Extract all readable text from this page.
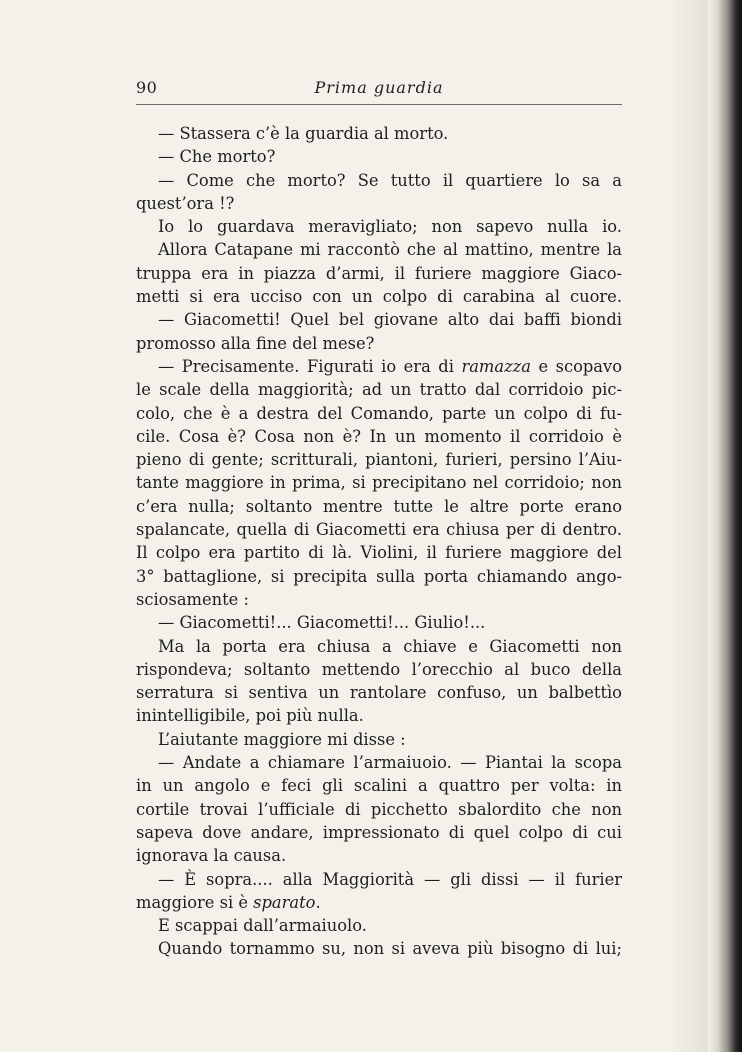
90	Prima guardia
— Stassera c’è la guardia al morto.
— Che morto?
— Come che morto? Se tutto il quartiere lo sa a
quest’ora !?
Io lo guardava meravigliato; non sapevo nulla io.
Allora Catapane mi raccontò che al mattino, mentre la
truppa era in piazza d’armi, il furiere maggiore Giaco-
metti si era ucciso con un colpo di carabina al cuore.
— Giacometti! Quel bel giovane alto dai baffi biondi
promosso alla fine del mese?
— Precisamente. Figurati io era di ramazza e scopavo
le scale della maggiorità; ad un tratto dal corridoio pic-
colo, che è a destra del Comando, parte un colpo di fu-
cile. Cosa è? Cosa non è? In un momento il corridoio è
pieno di gente; scritturali, piantoni, furieri, persino l’Aiu-
tante maggiore in prima, si precipitano nel corridoio; non
c’era nulla; soltanto mentre tutte le altre porte erano
spalancate, quella di Giacometti era chiusa per di dentro.
Il colpo era partito di là. Violini, il furiere maggiore del
3° battaglione, si precipita sulla porta chiamando ango-
sciosamente :
— Giacometti!... Giacometti!... Giulio!...
Ma la porta era chiusa a chiave e Giacometti non
rispondeva; soltanto mettendo l’orecchio al buco della
serratura si sentiva un rantolare confuso, un balbettìo
inintelligibile, poi più nulla.
L’aiutante maggiore mi disse :
— Andate a chiamare l’armaiuoio. — Piantai la scopa
in un angolo e feci gli scalini a quattro per volta: in
cortile trovai l’ufficiale di picchetto sbalordito che non
sapeva dove andare, impressionato di quel colpo di cui
ignorava la causa.
— È sopra.... alla Maggiorità — gli dissi — il furier
maggiore si è sparato.
E scappai dall’armaiuolo.
Quando tornammo su, non si aveva più bisogno di lui;
